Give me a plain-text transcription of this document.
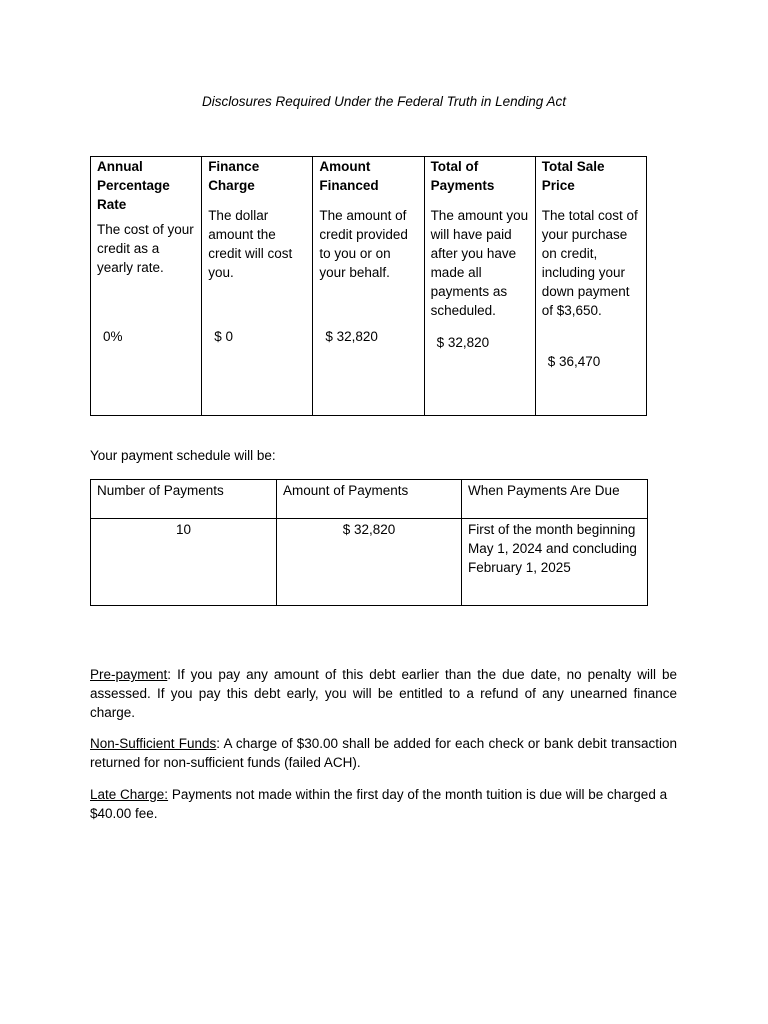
Disclosures Required Under the Federal Truth in Lending Act
Annual Percentage Rate
The cost of your credit as a yearly rate.
0%

Finance Charge
The dollar amount the credit will cost you.
$ 0

Amount Financed
The amount of credit provided to you or on your behalf.
$ 32,820

Total of Payments
The amount you will have paid after you have made all payments as scheduled.
$ 32,820

Total Sale Price
The total cost of your purchase on credit, including your down payment of $3,650.
$ 36,470
Your payment schedule will be:
Number of Payments	Amount of Payments	When Payments Are Due
10	$ 32,820	First of the month beginning May 1, 2024 and concluding February 1, 2025
Pre-payment: If you pay any amount of this debt earlier than the due date, no penalty will be assessed. If you pay this debt early, you will be entitled to a refund of any unearned finance charge.
Non-Sufficient Funds: A charge of $30.00 shall be added for each check or bank debit transaction returned for non-sufficient funds (failed ACH).
Late Charge: Payments not made within the first day of the month tuition is due will be charged a $40.00 fee.
